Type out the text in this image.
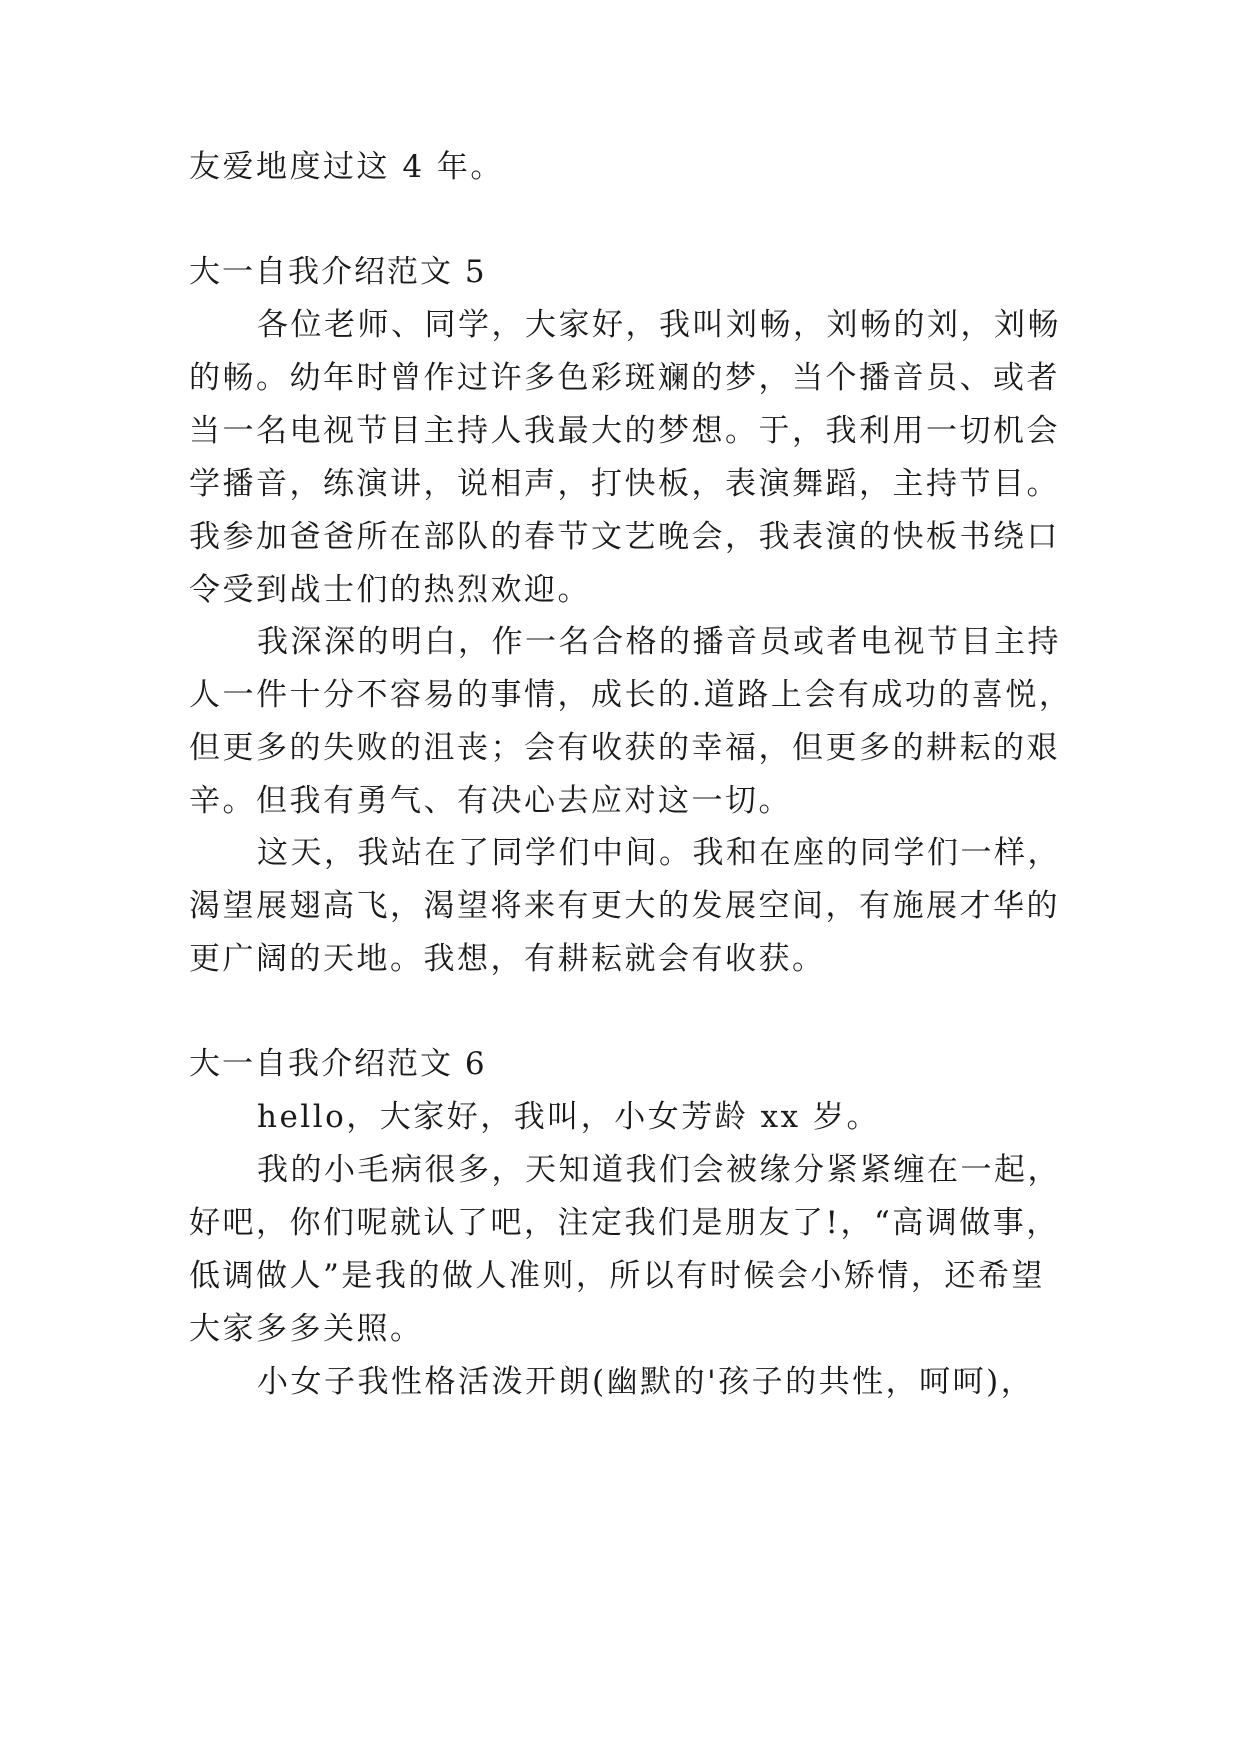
友爱地度过这 4 年。
大一自我介绍范文 5
各位老师、同学，大家好，我叫刘畅，刘畅的刘，刘畅
的畅。幼年时曾作过许多色彩斑斓的梦，当个播音员、或者
当一名电视节目主持人我最大的梦想。于，我利用一切机会
学播音，练演讲，说相声，打快板，表演舞蹈，主持节目。
我参加爸爸所在部队的春节文艺晚会，我表演的快板书绕口
令受到战士们的热烈欢迎。
我深深的明白，作一名合格的播音员或者电视节目主持
人一件十分不容易的事情，成长的.道路上会有成功的喜悦，
但更多的失败的沮丧；会有收获的幸福，但更多的耕耘的艰
辛。但我有勇气、有决心去应对这一切。
这天，我站在了同学们中间。我和在座的同学们一样，
渴望展翅高飞，渴望将来有更大的发展空间，有施展才华的
更广阔的天地。我想，有耕耘就会有收获。
大一自我介绍范文 6
hello，大家好，我叫，小女芳龄 xx 岁。
我的小毛病很多，天知道我们会被缘分紧紧缠在一起，
好吧，你们呢就认了吧，注定我们是朋友了!，“高调做事，
低调做人”是我的做人准则，所以有时候会小矫情，还希望
大家多多关照。
小女子我性格活泼开朗(幽默的'孩子的共性，呵呵)，
